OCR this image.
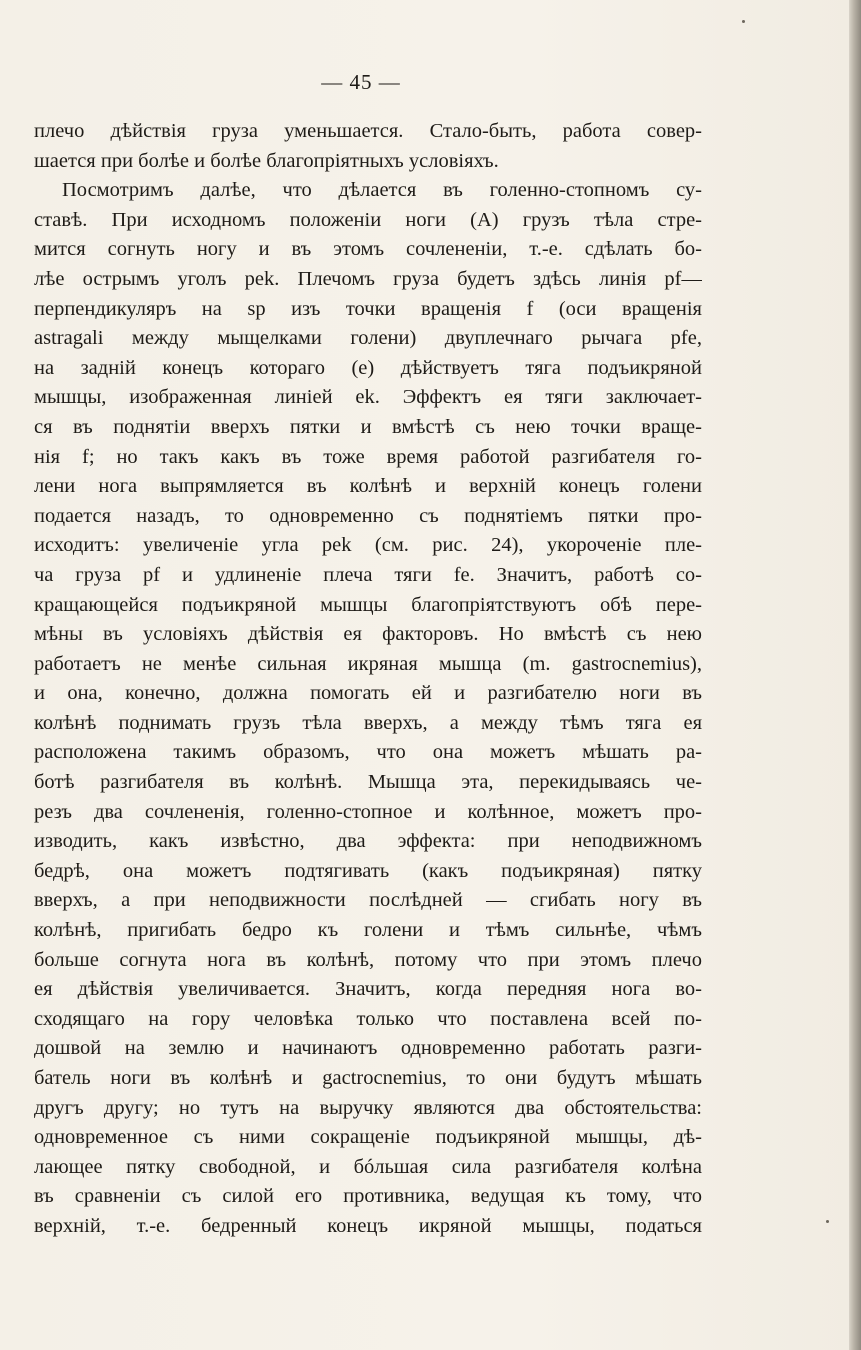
— 45 —
плечо дѣйствія груза уменьшается. Стало-быть, работа совер-
шается при болѣе и болѣе благопріятныхъ условіяхъ.
Посмотримъ далѣе, что дѣлается въ голенно-стопномъ су-
ставѣ. При исходномъ положеніи ноги (A) грузъ тѣла стре-
мится согнуть ногу и въ этомъ сочлененіи, т.-е. сдѣлать бо-
лѣе острымъ уголъ pek. Плечомъ груза будетъ здѣсь линія pf—
перпендикуляръ на sp изъ точки вращенія f (оси вращенія
astragali между мыщелками голени) двуплечнаго рычага pfe,
на задній конецъ котораго (e) дѣйствуетъ тяга подъикряной
мышцы, изображенная линіей ek. Эффектъ ея тяги заключает-
ся въ поднятіи вверхъ пятки и вмѣстѣ съ нею точки враще-
нія f; но такъ какъ въ тоже время работой разгибателя го-
лени нога выпрямляется въ колѣнѣ и верхній конецъ голени
подается назадъ, то одновременно съ поднятіемъ пятки про-
исходитъ: увеличеніе угла pek (см. рис. 24), укороченіе пле-
ча груза pf и удлиненіе плеча тяги fe. Значитъ, работѣ со-
кращающейся подъикряной мышцы благопріятствуютъ обѣ пере-
мѣны въ условіяхъ дѣйствія ея факторовъ. Но вмѣстѣ съ нею
работаетъ не менѣе сильная икряная мышца (m. gastrocnemius),
и она, конечно, должна помогать ей и разгибателю ноги въ
колѣнѣ поднимать грузъ тѣла вверхъ, а между тѣмъ тяга ея
расположена такимъ образомъ, что она можетъ мѣшать ра-
ботѣ разгибателя въ колѣнѣ. Мышца эта, перекидываясь че-
резъ два сочлененія, голенно-стопное и колѣнное, можетъ про-
изводить, какъ извѣстно, два эффекта: при неподвижномъ
бедрѣ, она можетъ подтягивать (какъ подъикряная) пятку
вверхъ, а при неподвижности послѣдней — сгибать ногу въ
колѣнѣ, пригибать бедро къ голени и тѣмъ сильнѣе, чѣмъ
больше согнута нога въ колѣнѣ, потому что при этомъ плечо
ея дѣйствія увеличивается. Значитъ, когда передняя нога во-
сходящаго на гору человѣка только что поставлена всей по-
дошвой на землю и начинаютъ одновременно работать разги-
батель ноги въ колѣнѣ и gactrocnemius, то они будутъ мѣшать
другъ другу; но тутъ на выручку являются два обстоятельства:
одновременное съ ними сокращеніе подъикряной мышцы, дѣ-
лающее пятку свободной, и бóльшая сила разгибателя колѣна
въ сравненіи съ силой его противника, ведущая къ тому, что
верхній, т.-е. бедренный конецъ икряной мышцы, податься
